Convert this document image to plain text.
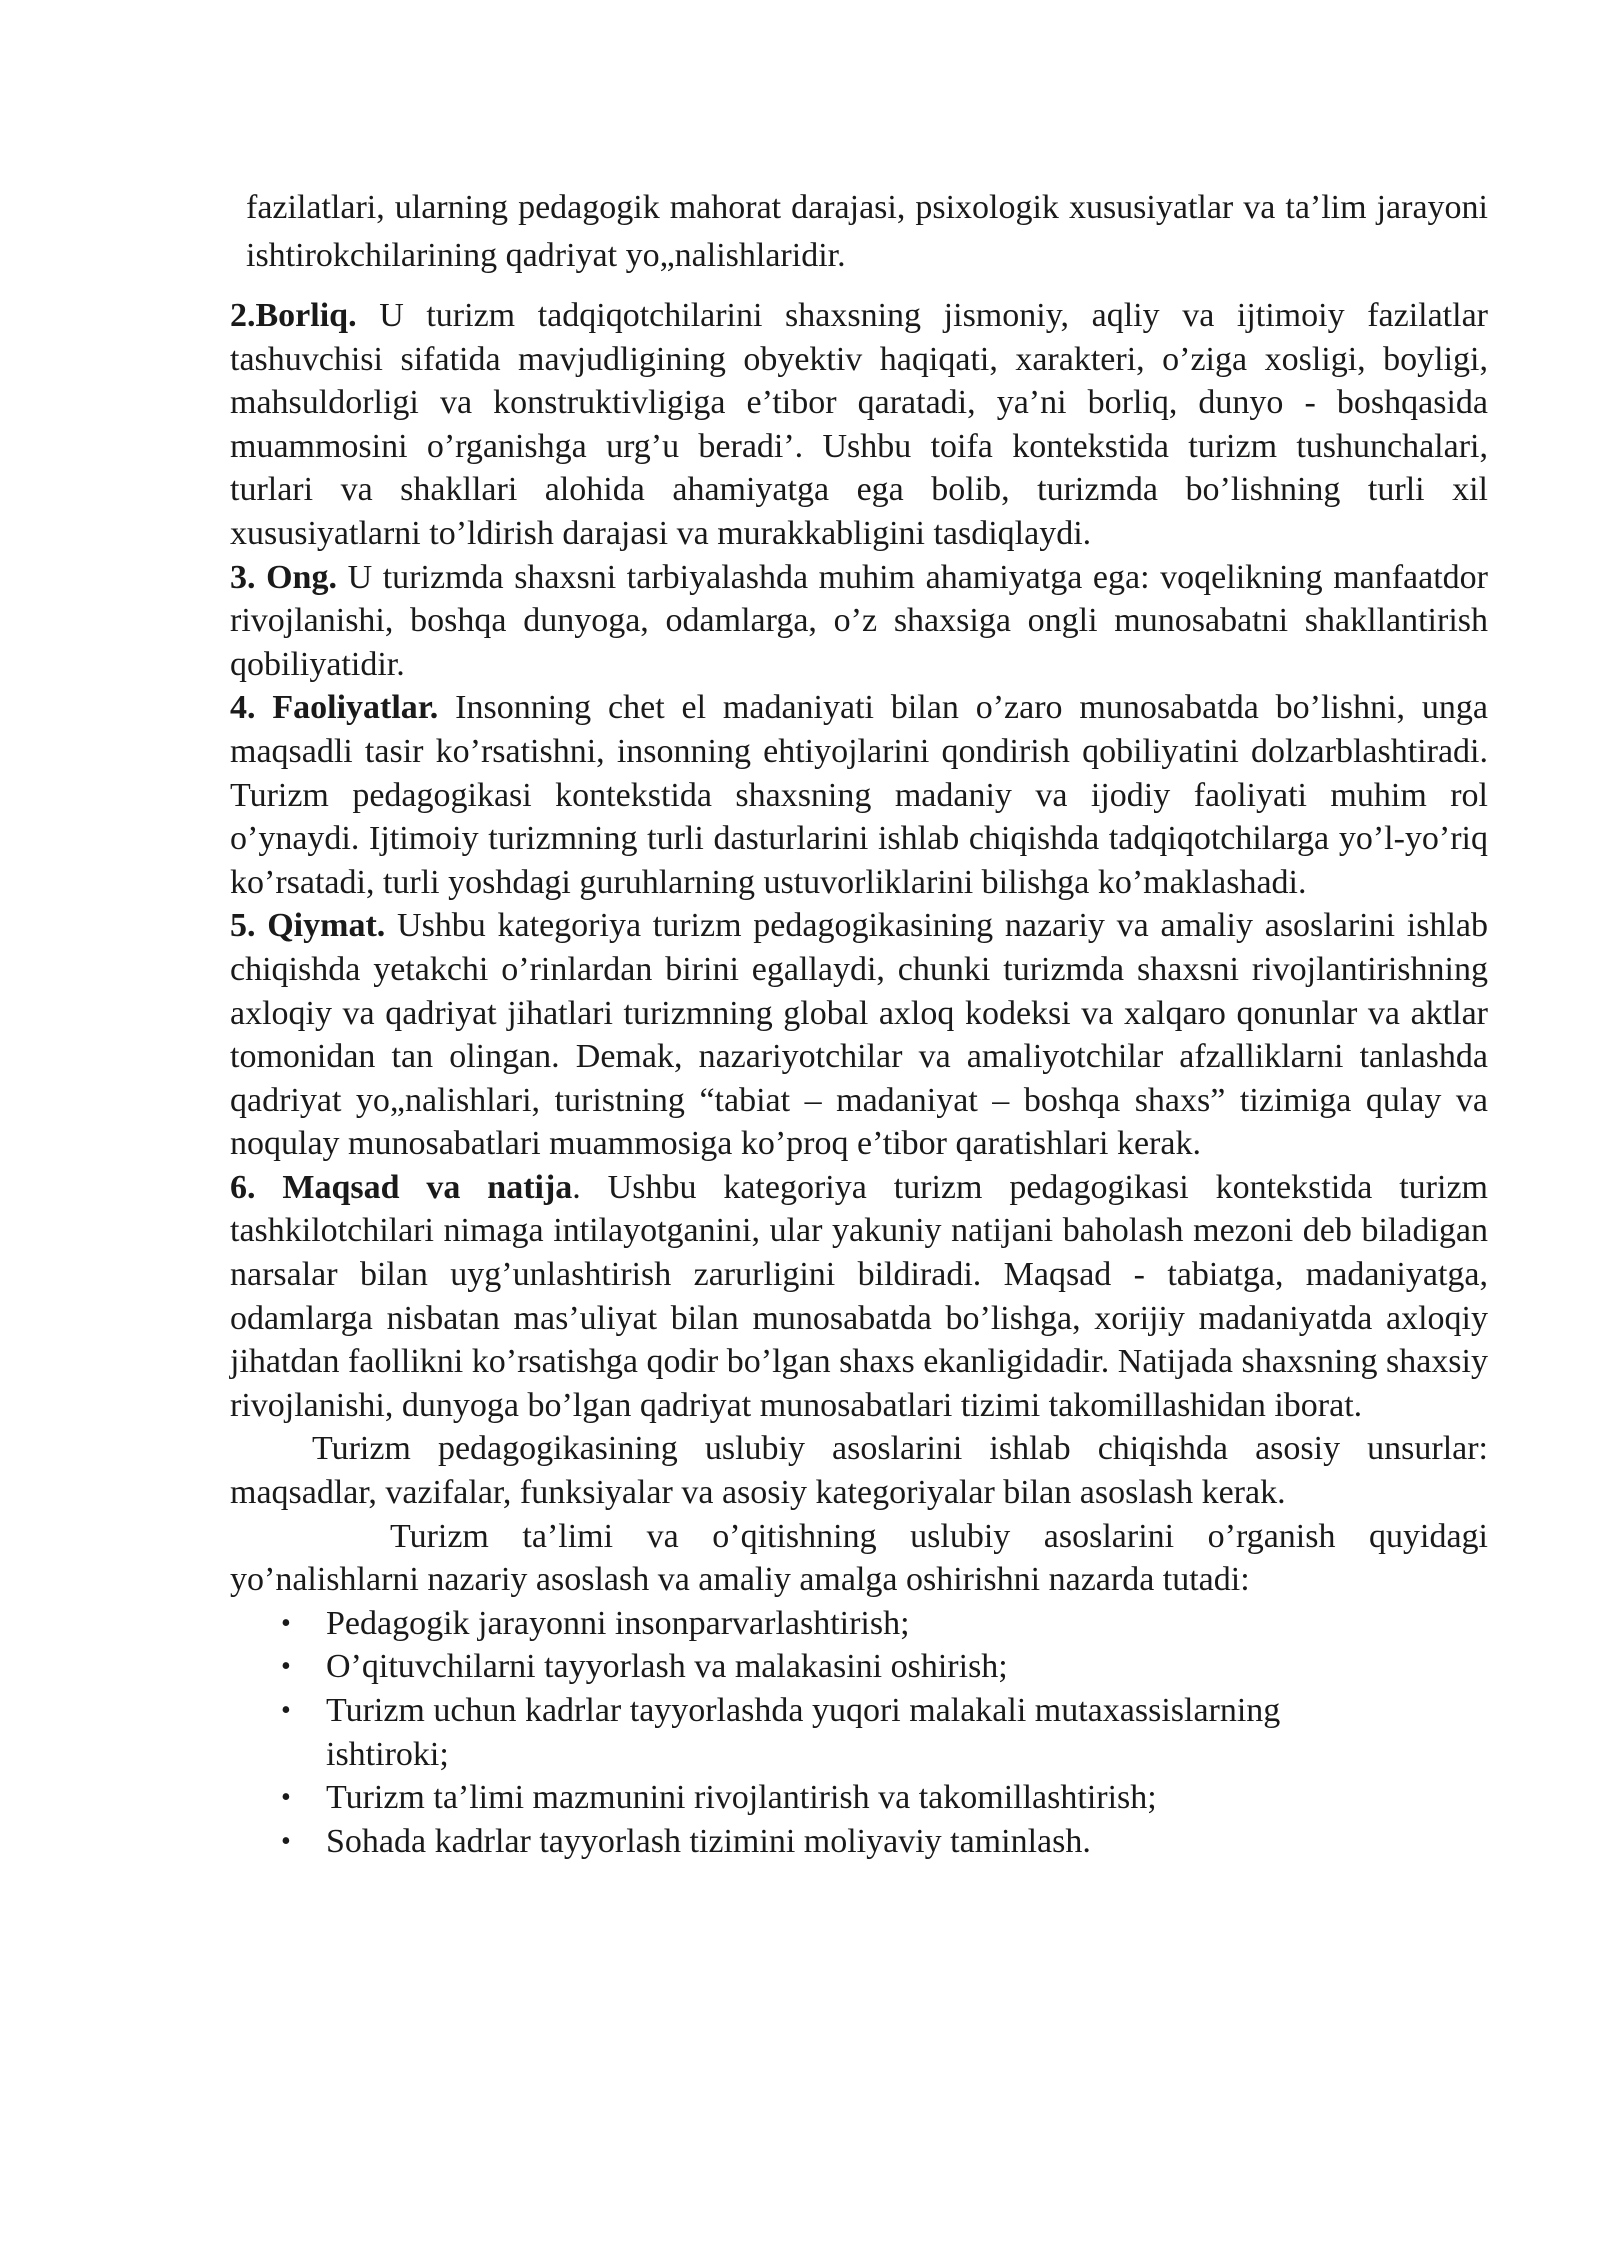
fazilatlari, ularning pedagogik mahorat darajasi, psixologik xususiyatlar va ta’lim jarayoni ishtirokchilarining qadriyat yo„nalishlaridir.

2.Borliq. U turizm tadqiqotchilarini shaxsning jismoniy, aqliy va ijtimoiy fazilatlar tashuvchisi sifatida mavjudligining obyektiv haqiqati, xarakteri, o’ziga xosligi, boyligi, mahsuldorligi va konstruktivligiga e’tibor qaratadi, ya’ni borliq, dunyo - boshqasida muammosini o’rganishga urg’u beradi’. Ushbu toifa kontekstida turizm tushunchalari, turlari va shakllari alohida ahamiyatga ega bolib, turizmda bo’lishning turli xil xususiyatlarni to’ldirish darajasi va murakkabligini tasdiqlaydi.

3. Ong. U turizmda shaxsni tarbiyalashda muhim ahamiyatga ega: voqelikning manfaatdor rivojlanishi, boshqa dunyoga, odamlarga, o’z shaxsiga ongli munosabatni shakllantirish qobiliyatidir.

4. Faoliyatlar. Insonning chet el madaniyati bilan o’zaro munosabatda bo’lishni, unga maqsadli tasir ko’rsatishni, insonning ehtiyojlarini qondirish qobiliyatini dolzarblashtiradi. Turizm pedagogikasi kontekstida shaxsning madaniy va ijodiy faoliyati muhim rol o’ynaydi. Ijtimoiy turizmning turli dasturlarini ishlab chiqishda tadqiqotchilarga yo’l-yo’riq ko’rsatadi, turli yoshdagi guruhlarning ustuvorliklarini bilishga ko’maklashadi.

5. Qiymat. Ushbu kategoriya turizm pedagogikasining nazariy va amaliy asoslarini ishlab chiqishda yetakchi o’rinlardan birini egallaydi, chunki turizmda shaxsni rivojlantirishning axloqiy va qadriyat jihatlari turizmning global axloq kodeksi va xalqaro qonunlar va aktlar tomonidan tan olingan. Demak, nazariyotchilar va amaliyotchilar afzalliklarni tanlashda qadriyat yo„nalishlari, turistning “tabiat – madaniyat – boshqa shaxs” tizimiga qulay va noqulay munosabatlari muammosiga ko’proq e’tibor qaratishlari kerak.

6. Maqsad va natija. Ushbu kategoriya turizm pedagogikasi kontekstida turizm tashkilotchilari nimaga intilayotganini, ular yakuniy natijani baholash mezoni deb biladigan narsalar bilan uyg’unlashtirish zarurligini bildiradi. Maqsad - tabiatga, madaniyatga, odamlarga nisbatan mas’uliyat bilan munosabatda bo’lishga, xorijiy madaniyatda axloqiy jihatdan faollikni ko’rsatishga qodir bo’lgan shaxs ekanligidadir. Natijada shaxsning shaxsiy rivojlanishi, dunyoga bo’lgan qadriyat munosabatlari tizimi takomillashidan iborat.

Turizm pedagogikasining uslubiy asoslarini ishlab chiqishda asosiy unsurlar: maqsadlar, vazifalar, funksiyalar va asosiy kategoriyalar bilan asoslash kerak.

Turizm ta’limi va o’qitishning uslubiy asoslarini o’rganish quyidagi yo’nalishlarni nazariy asoslash va amaliy amalga oshirishni nazarda tutadi:

• Pedagogik jarayonni insonparvarlashtirish;
• O’qituvchilarni tayyorlash va malakasini oshirish;
• Turizm uchun kadrlar tayyorlashda yuqori malakali mutaxassislarning ishtiroki;
• Turizm ta’limi mazmunini rivojlantirish va takomillashtirish;
• Sohada kadrlar tayyorlash tizimini moliyaviy taminlash.
